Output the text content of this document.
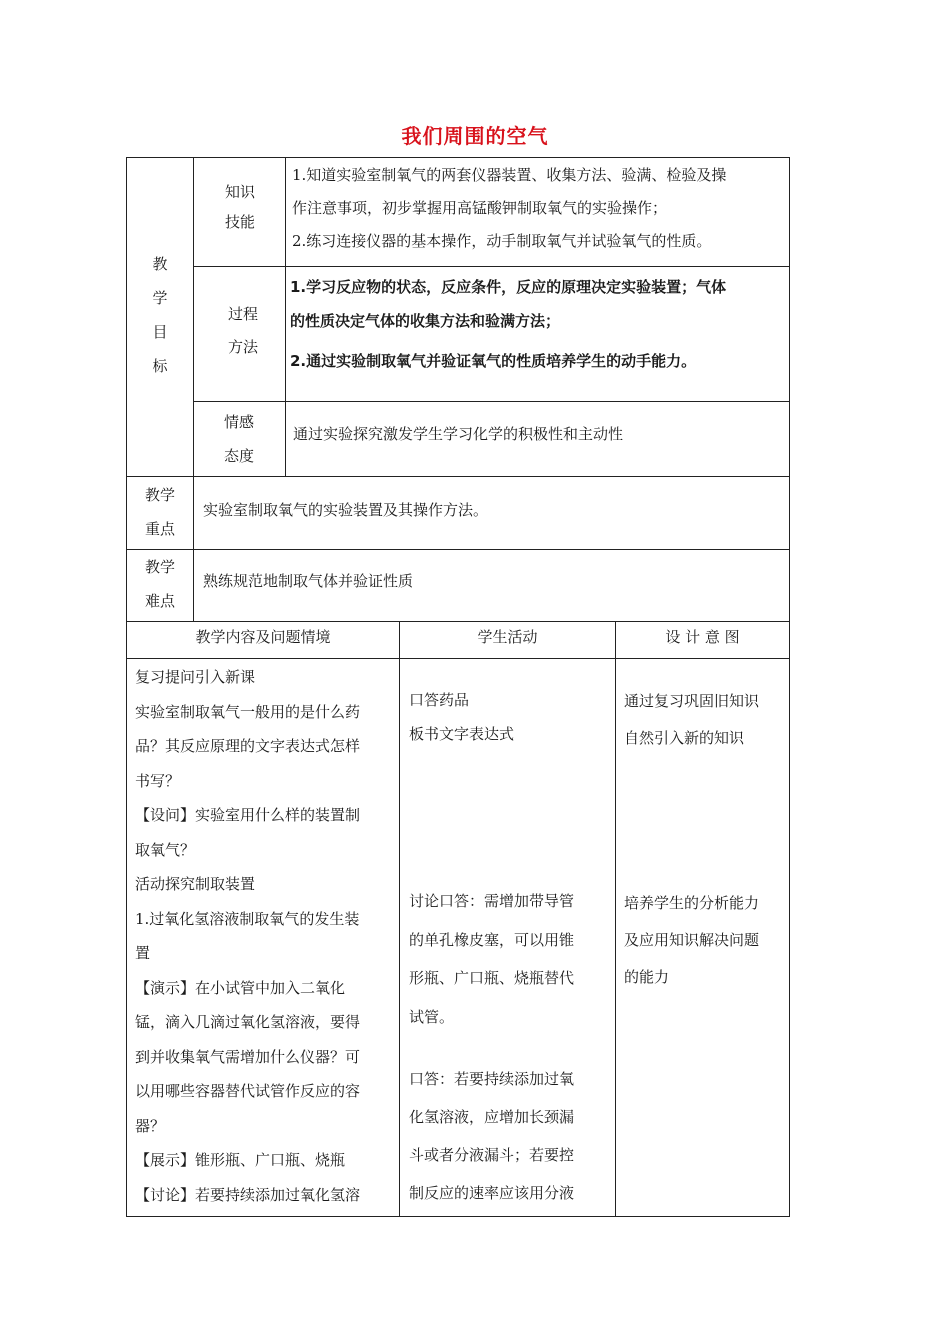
我们周围的空气
教
学
目
标
知识
技能
1.知道实验室制氧气的两套仪器装置、收集方法、验满、检验及操
作注意事项，初步掌握用高锰酸钾制取氧气的实验操作；
2.练习连接仪器的基本操作，动手制取氧气并试验氧气的性质。
过程
方法
1.学习反应物的状态，反应条件，反应的原理决定实验装置；气体
的性质决定气体的收集方法和验满方法；
2.通过实验制取氧气并验证氧气的性质培养学生的动手能力。
情感
态度
通过实验探究激发学生学习化学的积极性和主动性
教学
重点
实验室制取氧气的实验装置及其操作方法。
教学
难点
熟练规范地制取气体并验证性质
教学内容及问题情境	学生活动	设 计 意 图
复习提问引入新课
实验室制取氧气一般用的是什么药
品？其反应原理的文字表达式怎样
书写？
【设问】实验室用什么样的装置制
取氧气？
活动探究制取装置
1.过氧化氢溶液制取氧气的发生装
置
【演示】在小试管中加入二氧化
锰，滴入几滴过氧化氢溶液，要得
到并收集氧气需增加什么仪器？可
以用哪些容器替代试管作反应的容
器？
【展示】锥形瓶、广口瓶、烧瓶
【讨论】若要持续添加过氧化氢溶
口答药品
板书文字表达式
讨论口答：需增加带导管
的单孔橡皮塞，可以用锥
形瓶、广口瓶、烧瓶替代
试管。
口答：若要持续添加过氧
化氢溶液，应增加长颈漏
斗或者分液漏斗；若要控
制反应的速率应该用分液
通过复习巩固旧知识
自然引入新的知识
培养学生的分析能力
及应用知识解决问题
的能力
